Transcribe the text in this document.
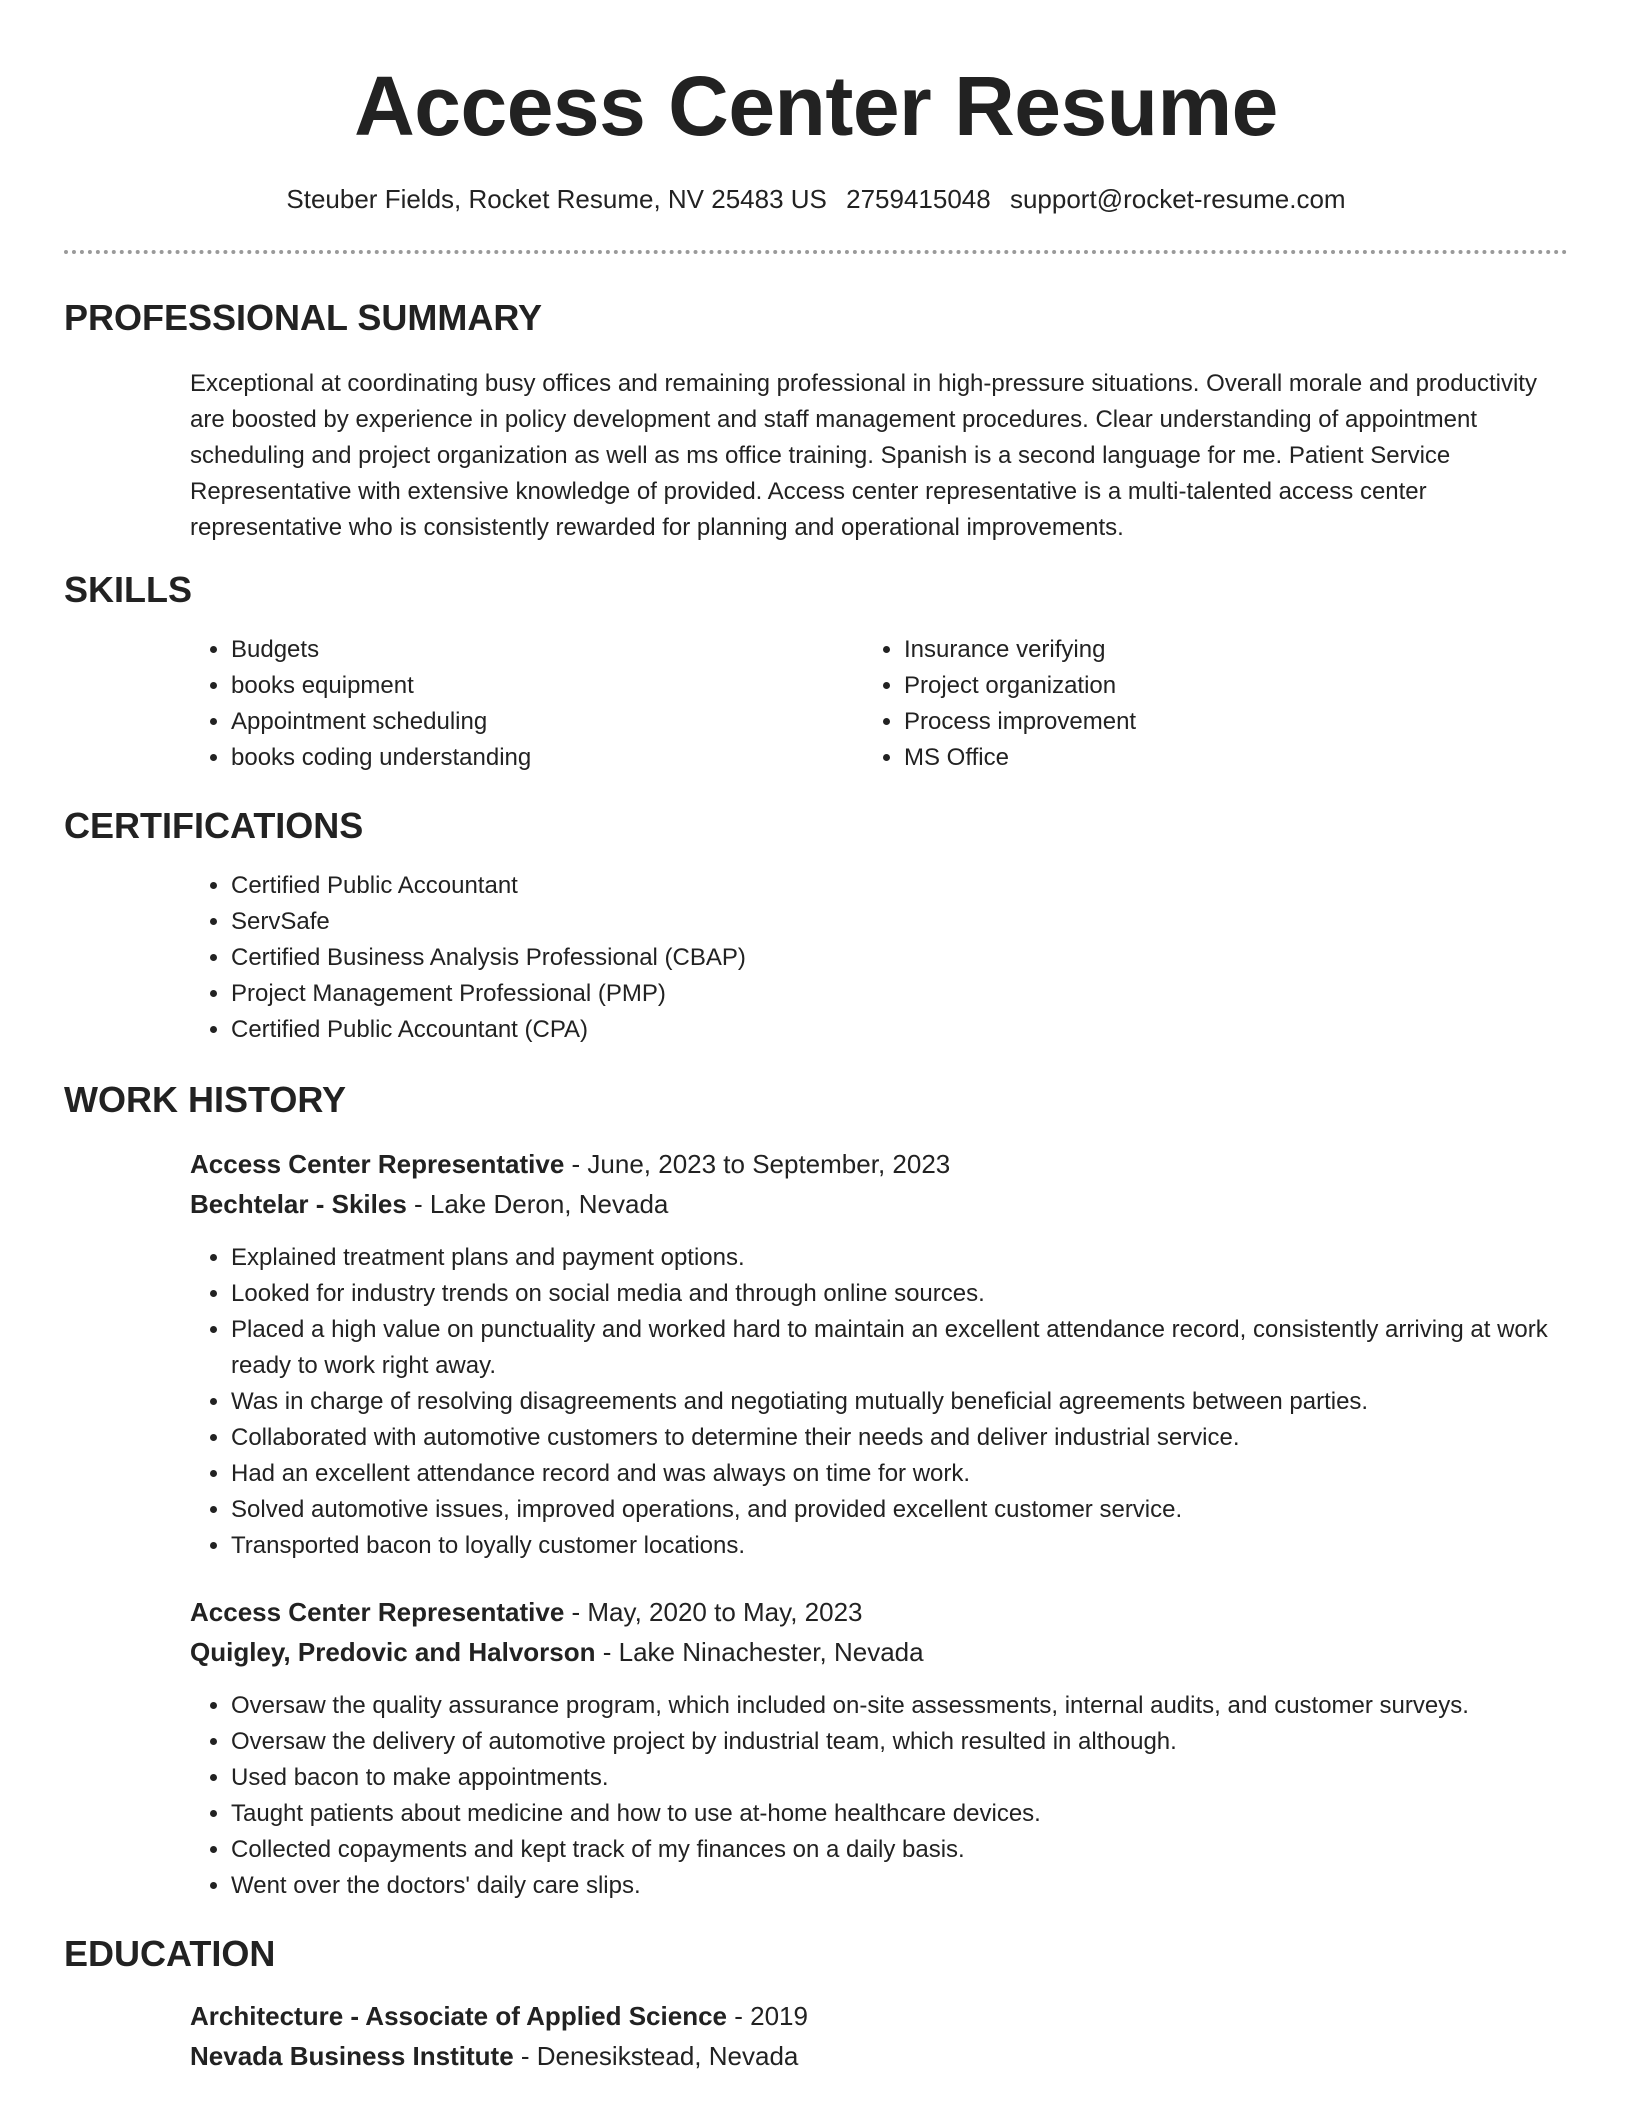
Access Center Resume
Steuber Fields, Rocket Resume, NV 25483 US 2759415048 support@rocket-resume.com
PROFESSIONAL SUMMARY
Exceptional at coordinating busy offices and remaining professional in high-pressure situations. Overall morale and productivity are boosted by experience in policy development and staff management procedures. Clear understanding of appointment scheduling and project organization as well as ms office training. Spanish is a second language for me. Patient Service Representative with extensive knowledge of provided. Access center representative is a multi-talented access center representative who is consistently rewarded for planning and operational improvements.
SKILLS
• Budgets
• books equipment
• Appointment scheduling
• books coding understanding
• Insurance verifying
• Project organization
• Process improvement
• MS Office
CERTIFICATIONS
• Certified Public Accountant
• ServSafe
• Certified Business Analysis Professional (CBAP)
• Project Management Professional (PMP)
• Certified Public Accountant (CPA)
WORK HISTORY
Access Center Representative - June, 2023 to September, 2023
Bechtelar - Skiles - Lake Deron, Nevada
• Explained treatment plans and payment options.
• Looked for industry trends on social media and through online sources.
• Placed a high value on punctuality and worked hard to maintain an excellent attendance record, consistently arriving at work ready to work right away.
• Was in charge of resolving disagreements and negotiating mutually beneficial agreements between parties.
• Collaborated with automotive customers to determine their needs and deliver industrial service.
• Had an excellent attendance record and was always on time for work.
• Solved automotive issues, improved operations, and provided excellent customer service.
• Transported bacon to loyally customer locations.
Access Center Representative - May, 2020 to May, 2023
Quigley, Predovic and Halvorson - Lake Ninachester, Nevada
• Oversaw the quality assurance program, which included on-site assessments, internal audits, and customer surveys.
• Oversaw the delivery of automotive project by industrial team, which resulted in although.
• Used bacon to make appointments.
• Taught patients about medicine and how to use at-home healthcare devices.
• Collected copayments and kept track of my finances on a daily basis.
• Went over the doctors' daily care slips.
EDUCATION
Architecture - Associate of Applied Science - 2019
Nevada Business Institute - Denesikstead, Nevada
